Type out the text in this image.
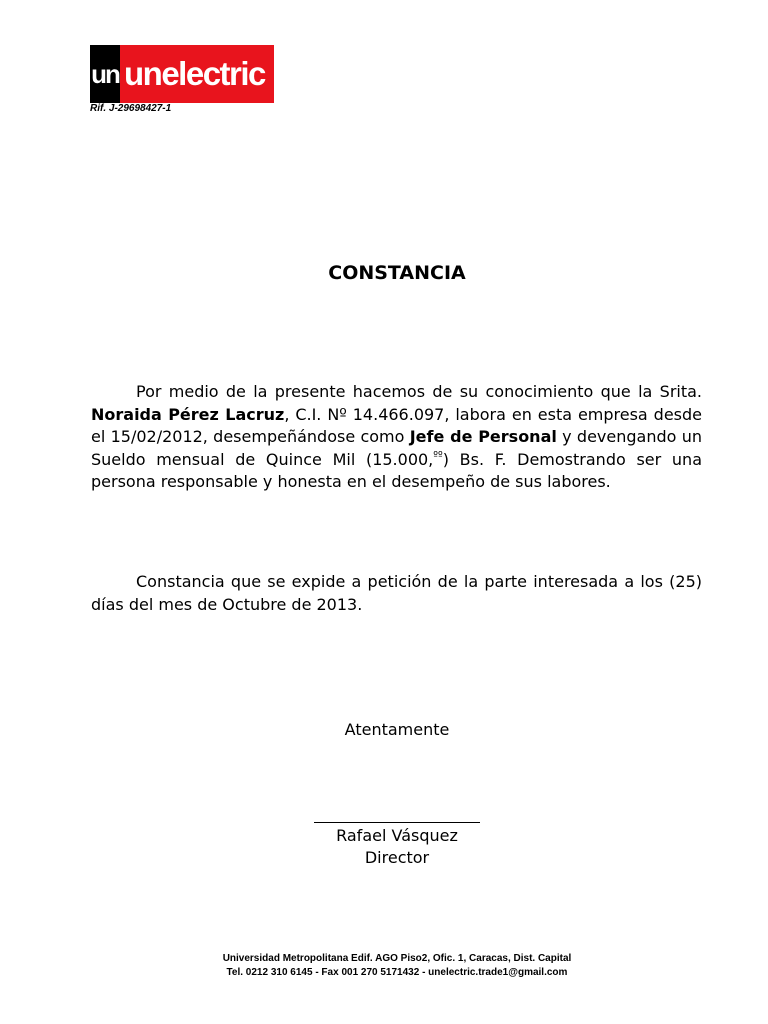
un unelectric
Rif. J-29698427-1
CONSTANCIA
Por medio de la presente hacemos de su conocimiento que la Srita. Noraida Pérez Lacruz, C.I. Nº 14.466.097, labora en esta empresa desde el 15/02/2012, desempeñándose como Jefe de Personal y devengando un Sueldo mensual de Quince Mil (15.000,$^{ºº}$) Bs. F. Demostrando ser una persona responsable y honesta en el desempeño de sus labores.
Constancia que se expide a petición de la parte interesada a los (25) días del mes de Octubre de 2013.
Atentamente
Rafael Vásquez
Director
Universidad Metropolitana Edif. AGO Piso2, Ofic. 1, Caracas, Dist. Capital
Tel. 0212 310 6145 - Fax 001 270 5171432 - unelectric.trade1@gmail.com
